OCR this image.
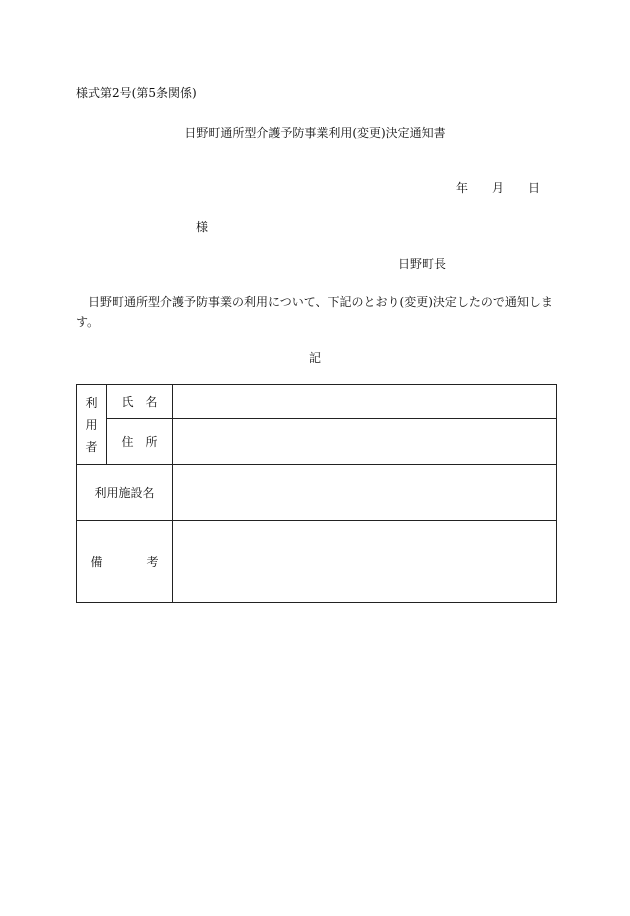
様式第2号(第5条関係)
日野町通所型介護予防事業利用(変更)決定通知書
年 月 日
様
日野町長
日野町通所型介護予防事業の利用について、下記のとおり(変更)決定したので通知します。
記
利
用
者	氏 名	
	住 所	
利用施設名		
備 考		
